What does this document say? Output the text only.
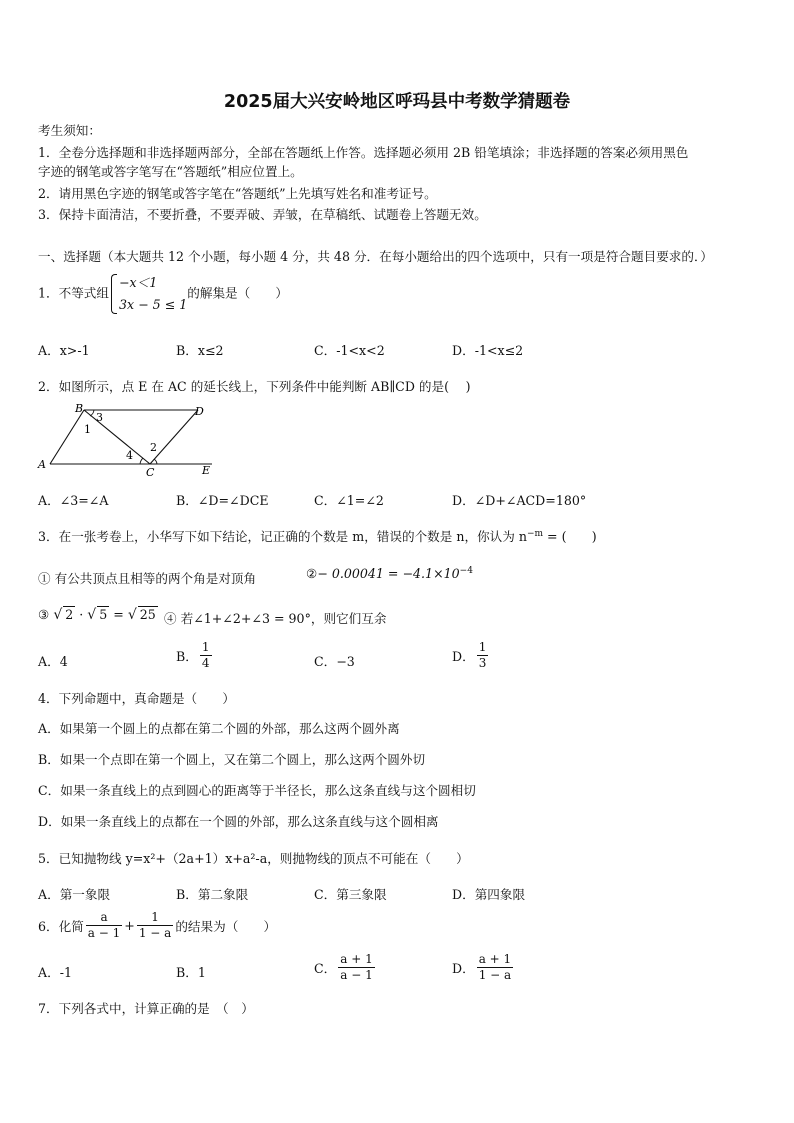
2025届大兴安岭地区呼玛县中考数学猜题卷
考生须知：
1．全卷分选择题和非选择题两部分，全部在答题纸上作答。选择题必须用 2B 铅笔填涂；非选择题的答案必须用黑色
字迹的钢笔或答字笔写在“答题纸”相应位置上。
2．请用黑色字迹的钢笔或答字笔在“答题纸”上先填写姓名和准考证号。
3．保持卡面清洁，不要折叠，不要弄破、弄皱，在草稿纸、试题卷上答题无效。
一、选择题（本大题共 12 个小题，每小题 4 分，共 48 分．在每小题给出的四个选项中，只有一项是符合题目要求的．）
1．不等式组
−x＜1
3x − 5 ≤ 1
的解集是（　　）
A．x>-1	B．x≤2	C．-1<x<2	D．-1<x≤2
2．如图所示，点 E 在 AC 的延长线上，下列条件中能判断 AB∥CD 的是(　 )
B
3	D
1
2
4
A
C	E
A．∠3=∠A	B．∠D=∠DCE	C．∠1=∠2	D．∠D+∠ACD=180°
3．在一张考卷上，小华写下如下结论，记正确的个数是 m，错误的个数是 n，你认为 $n^{-m}$ = (　　)
① 有公共顶点且相等的两个角是对顶角	②− $0.00041 = -4.1\times 10^{-4}$
③ √ 2 · √ 5 = √ 25 ④ 若∠1+∠2+∠3 = 90°，则它们互余
A．4	B． $\frac{1}{4}$	C．−3	D． $\frac{1}{3}$
4．下列命题中，真命题是（　　）
A．如果第一个圆上的点都在第二个圆的外部，那么这两个圆外离
B．如果一个点即在第一个圆上，又在第二个圆上，那么这两个圆外切
C．如果一条直线上的点到圆心的距离等于半径长，那么这条直线与这个圆相切
D．如果一条直线上的点都在一个圆的外部，那么这条直线与这个圆相离
5．已知抛物线 y=x²+（2a+1）x+a²-a，则抛物线的顶点不可能在（　　）
A．第一象限	B．第二象限	C．第三象限	D．第四象限
6．化简 $\frac{a}{a - 1} + \frac{1}{1 - a}$ 的结果为（　　）
A．-1	B．1	C． $\frac{a + 1}{a - 1}$	D． $\frac{a + 1}{1 - a}$
7．下列各式中，计算正确的是　（　）
